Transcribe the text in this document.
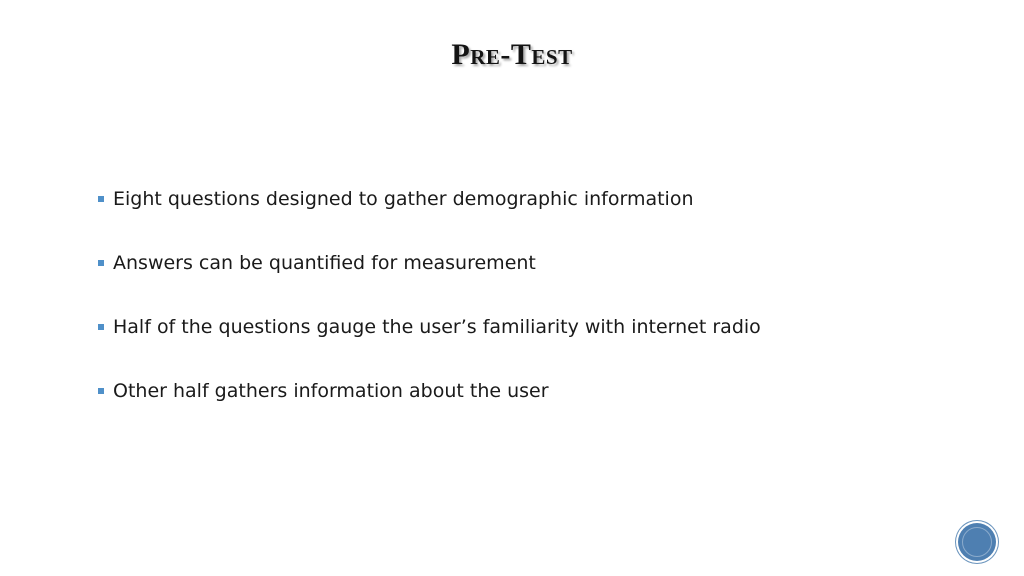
Pre-Test
Eight questions designed to gather demographic information
Answers can be quantified for measurement
Half of the questions gauge the user’s familiarity with internet radio
Other half gathers information about the user
